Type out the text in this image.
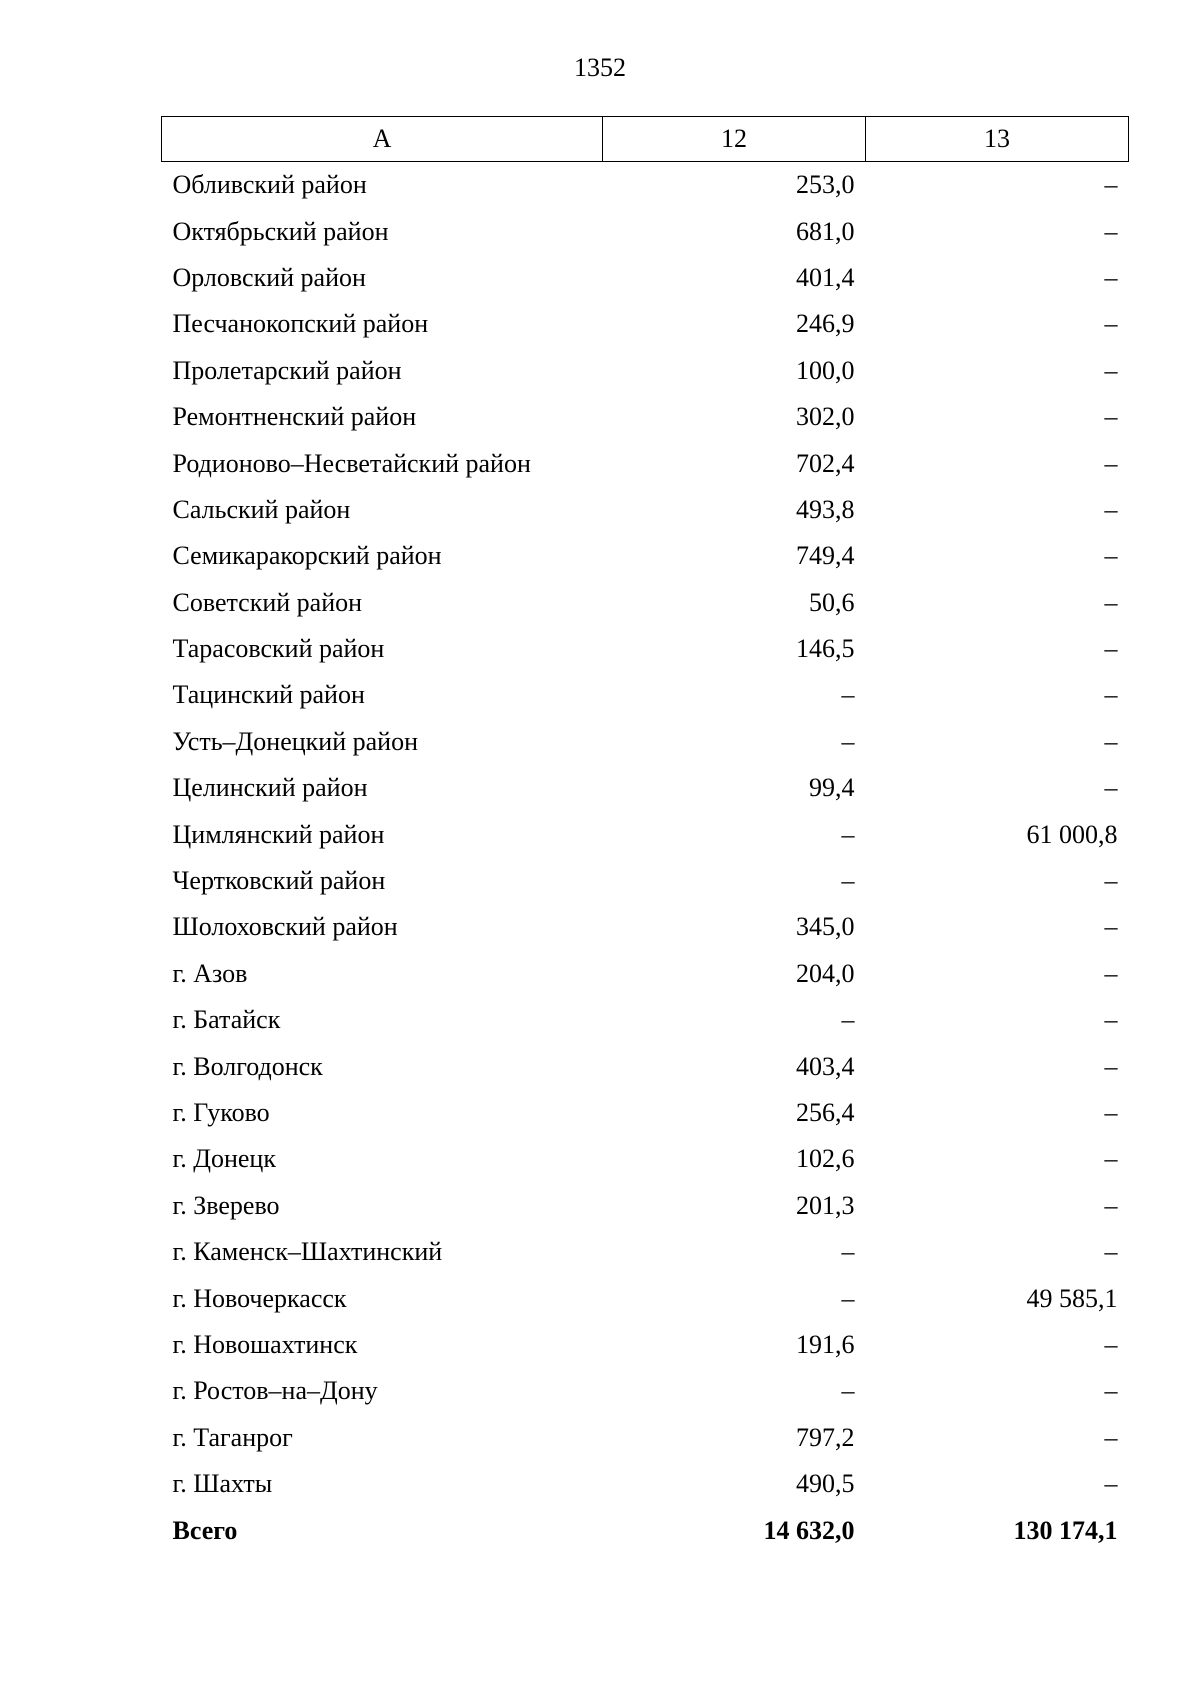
1352
А	12	13
Обливский район	253,0	–
Октябрьский район	681,0	–
Орловский район	401,4	–
Песчанокопский район	246,9	–
Пролетарский район	100,0	–
Ремонтненский район	302,0	–
Родионово–Несветайский район	702,4	–
Сальский район	493,8	–
Семикаракорский район	749,4	–
Советский район	50,6	–
Тарасовский район	146,5	–
Тацинский район	–	–
Усть–Донецкий район	–	–
Целинский район	99,4	–
Цимлянский район	–	61 000,8
Чертковский район	–	–
Шолоховский район	345,0	–
г. Азов	204,0	–
г. Батайск	–	–
г. Волгодонск	403,4	–
г. Гуково	256,4	–
г. Донецк	102,6	–
г. Зверево	201,3	–
г. Каменск–Шахтинский	–	–
г. Новочеркасск	–	49 585,1
г. Новошахтинск	191,6	–
г. Ростов–на–Дону	–	–
г. Таганрог	797,2	–
г. Шахты	490,5	–
Всего	14 632,0	130 174,1
